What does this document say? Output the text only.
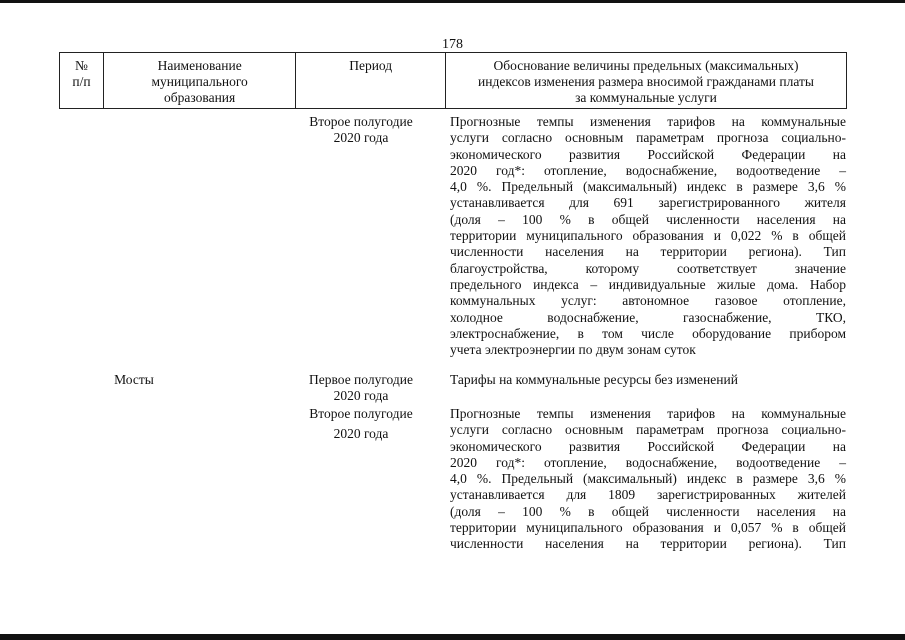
178
№
п/п
Наименование
муниципального
образования
Период	Обоснование величины предельных (максимальных)
индексов изменения размера вносимой гражданами платы
за коммунальные услуги
Второе полугодие
2020 года
Прогнозные темпы изменения тарифов на коммунальные
услуги согласно основным параметрам прогноза социально-
экономического развития Российской Федерации на
2020 год*: отопление, водоснабжение, водоотведение –
4,0 %. Предельный (максимальный) индекс в размере 3,6 %
устанавливается для 691 зарегистрированного жителя
(доля – 100 % в общей численности населения на
территории муниципального образования и 0,022 % в общей
численности населения на территории региона). Тип
благоустройства, которому соответствует значение
предельного индекса – индивидуальные жилые дома. Набор
коммунальных услуг: автономное газовое отопление,
холодное водоснабжение, газоснабжение, ТКО,
электроснабжение, в том числе оборудование прибором
учета электроэнергии по двум зонам суток
Мосты	Первое полугодие
2020 года
Тарифы на коммунальные ресурсы без изменений
Второе полугодие
2020 года
Прогнозные темпы изменения тарифов на коммунальные
услуги согласно основным параметрам прогноза социально-
экономического развития Российской Федерации на
2020 год*: отопление, водоснабжение, водоотведение –
4,0 %. Предельный (максимальный) индекс в размере 3,6 %
устанавливается для 1809 зарегистрированных жителей
(доля – 100 % в общей численности населения на
территории муниципального образования и 0,057 % в общей
численности населения на территории региона). Тип
